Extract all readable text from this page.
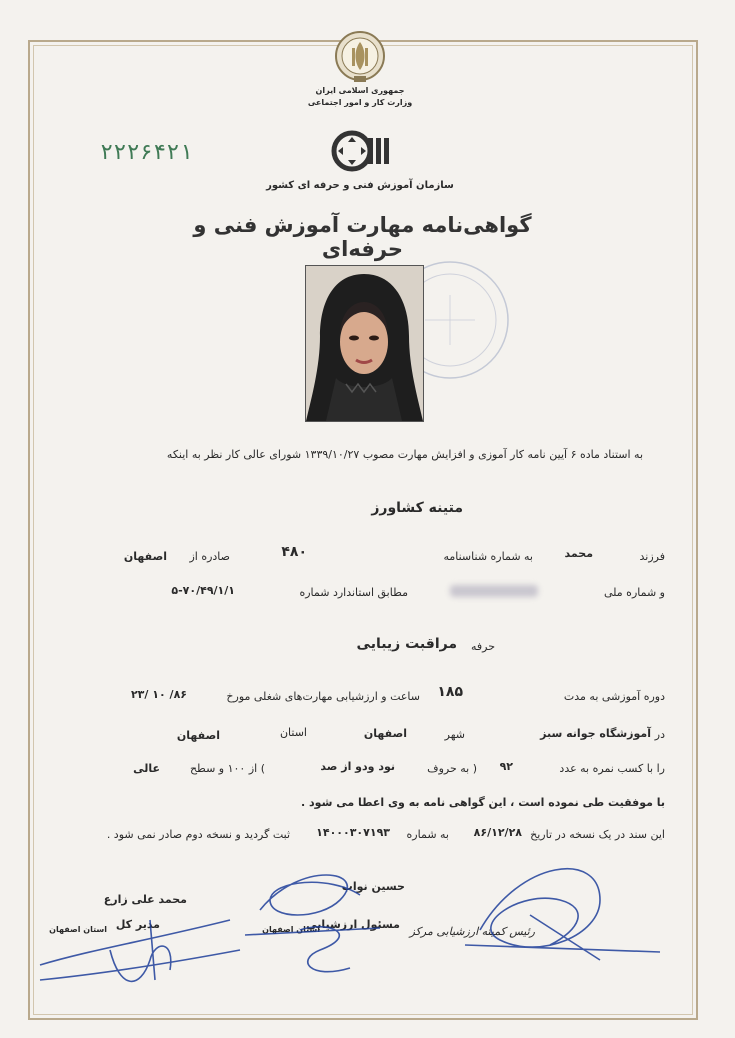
جمهوری اسلامی ایران
وزارت کار و امور اجتماعی
۲۲۲۶۴۲۱
سازمان آموزش فنی و حرفه ای کشور
گواهی‌نامه مهارت آموزش فنی و حرفه‌ای
به استناد ماده ۶ آیین نامه کار آموزی و افزایش مهارت مصوب ۱۳۳۹/۱۰/۲۷ شورای عالی کار نظر به اینکه
متینه کشاورز
فرزند
محمد
به شماره شناسنامه
۴۸۰
صادره از
اصفهان
و شماره ملی
مطابق استاندارد شماره
۵-۷۰/۴۹/۱/۱
حرفه
مراقبت زیبایی
دوره آموزشی به مدت
۱۸۵
ساعت و ارزشیابی مهارت‌های شغلی مورخ
۸۶/ ۱۰ /۲۳
در
آموزشگاه جوانه سبز
شهر
اصفهان
استان
اصفهان
را با کسب نمره به عدد
۹۲
( به حروف
نود ودو از صد
) از ۱۰۰ و سطح
عالی
با موفقیت طی نموده است ، این گواهی نامه به وی اعطا می شود .
این سند در یک نسخه در تاریخ
۸۶/۱۲/۲۸
به شماره
۱۴۰۰۰۳۰۷۱۹۳
ثبت گردید و نسخه دوم صادر نمی شود .
رئیس کمیته ارزشیابی مرکز
حسین نواب
مسئول ارزشیابی
استان اصفهان
محمد علی زارع
مدیر کل
استان اصفهان
